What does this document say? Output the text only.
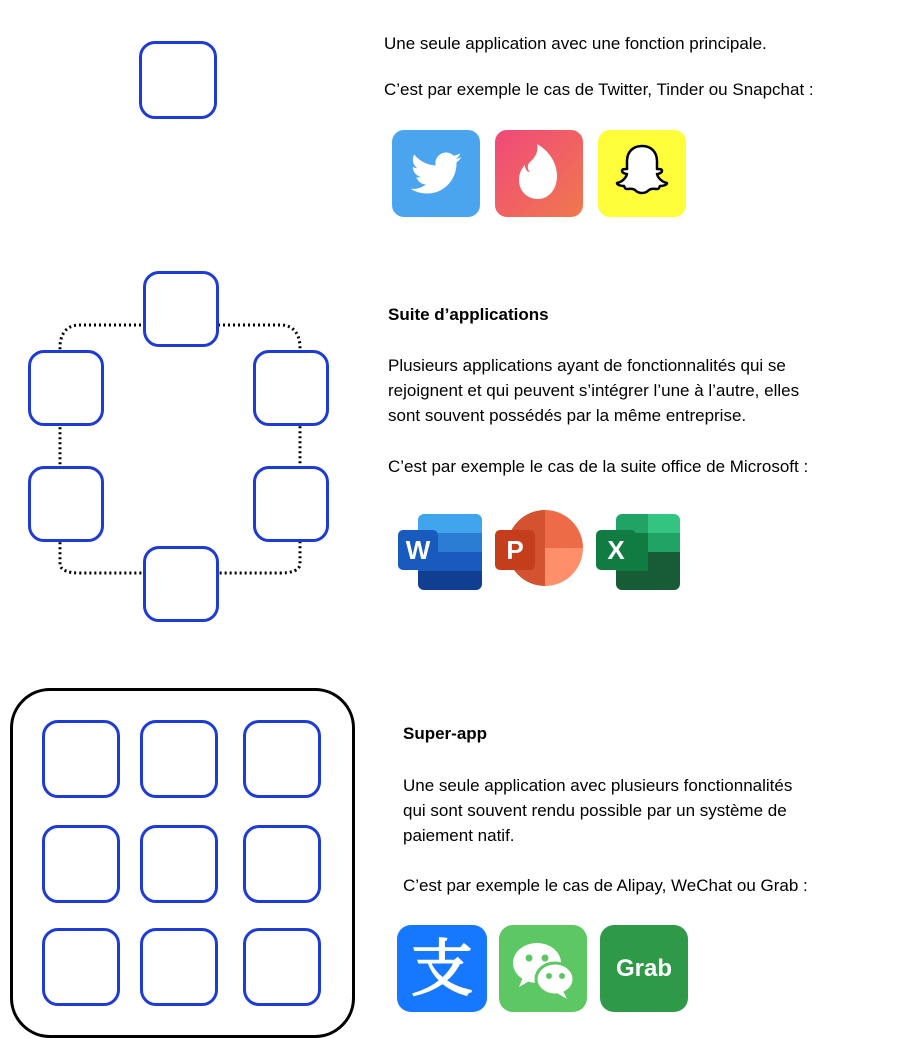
Une seule application avec une fonction principale.

C’est par exemple le cas de Twitter, Tinder ou Snapchat :

Suite d’applications

Plusieurs applications ayant de fonctionnalités qui se

rejoignent et qui peuvent s’intégrer l’une à l’autre, elles

sont souvent possédés par la même entreprise.

C’est par exemple le cas de la suite office de Microsoft :

W	P	X

Super-app

Une seule application avec plusieurs fonctionnalités

qui sont souvent rendu possible par un système de

paiement natif.

C’est par exemple le cas de Alipay, WeChat ou Grab :

支	Grab
